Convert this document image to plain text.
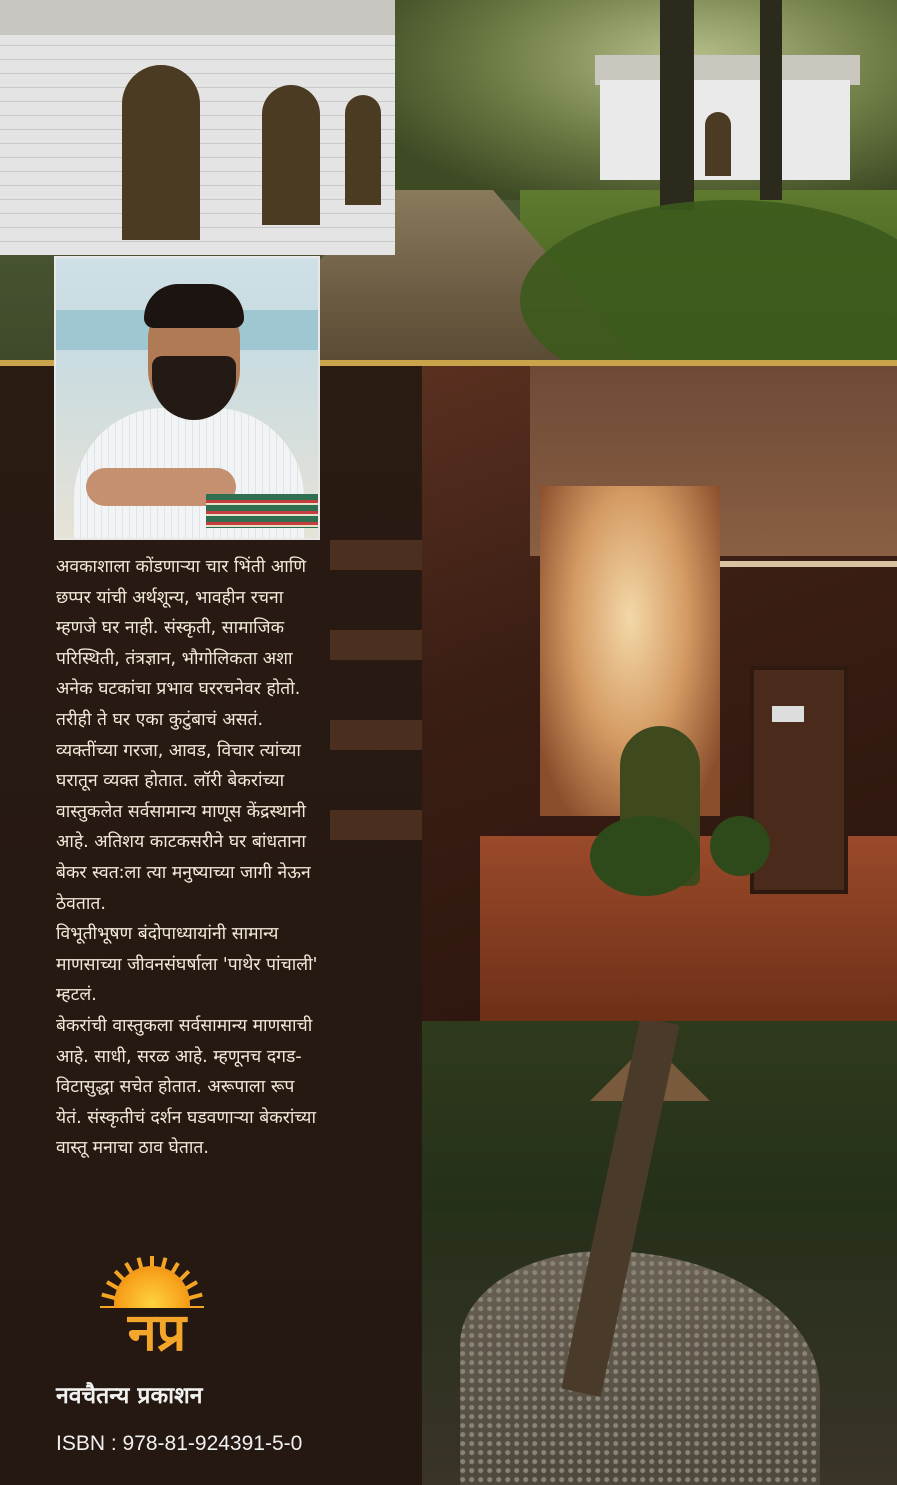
अवकाशाला कोंडणाऱ्या चार भिंती आणि
छप्पर यांची अर्थशून्य, भावहीन रचना
म्हणजे घर नाही. संस्कृती, सामाजिक
परिस्थिती, तंत्रज्ञान, भौगोलिकता अशा
अनेक घटकांचा प्रभाव घररचनेवर होतो.
तरीही ते घर एका कुटुंबाचं असतं.
व्यक्तींच्या गरजा, आवड, विचार त्यांच्या
घरातून व्यक्त होतात. लॉरी बेकरांच्या
वास्तुकलेत सर्वसामान्य माणूस केंद्रस्थानी
आहे. अतिशय काटकसरीने घर बांधताना
बेकर स्वत:ला त्या मनुष्याच्या जागी नेऊन
ठेवतात.

विभूतीभूषण बंदोपाध्यायांनी सामान्य
माणसाच्या जीवनसंघर्षाला 'पाथेर पांचाली'
म्हटलं.

बेकरांची वास्तुकला सर्वसामान्य माणसाची
आहे. साधी, सरळ आहे. म्हणूनच दगड-
विटासुद्धा सचेत होतात. अरूपाला रूप
येतं. संस्कृतीचं दर्शन घडवणाऱ्या बेकरांच्या
वास्तू मनाचा ठाव घेतात.

नप्र
नवचैतन्य प्रकाशन
ISBN : 978-81-924391-5-0
